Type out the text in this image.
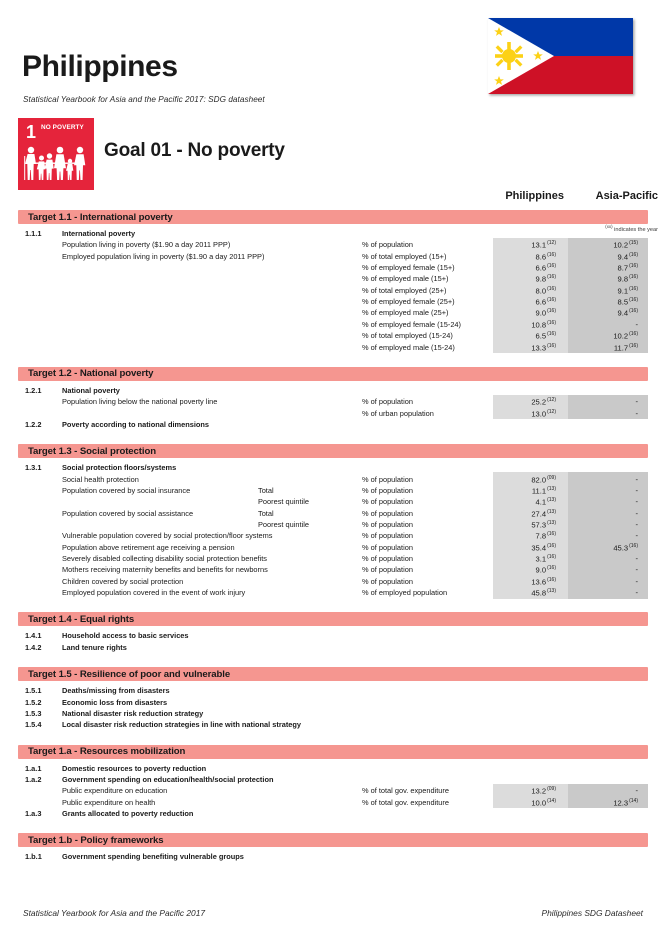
Philippines
Statistical Yearbook for Asia and the Pacific 2017: SDG datasheet
1 NO POVERTY
Goal 01 - No poverty
Philippines	Asia-Pacific
$^{(xx)}$ indicates the year
Target 1.1 - International poverty
1.1.1	International poverty
Population living in poverty ($1.90 a day 2011 PPP)	% of population	13.1$^{(12)}$	10.2$^{(15)}$
Employed population living in poverty ($1.90 a day 2011 PPP)	% of total employed (15+)	8.6$^{(16)}$	9.4$^{(16)}$
% of employed female (15+)	6.6$^{(16)}$	8.7$^{(16)}$
% of employed male (15+)	9.8$^{(16)}$	9.8$^{(16)}$
% of total employed (25+)	8.0$^{(16)}$	9.1$^{(16)}$
% of employed female (25+)	6.6$^{(16)}$	8.5$^{(16)}$
% of employed male (25+)	9.0$^{(16)}$	9.4$^{(16)}$
% of employed female (15-24)	10.8$^{(16)}$	-
% of total employed (15-24)	6.5$^{(16)}$	10.2$^{(16)}$
% of employed male (15-24)	13.3$^{(16)}$	11.7$^{(16)}$
Target 1.2 - National poverty
1.2.1	National poverty
Population living below the national poverty line	% of population	25.2$^{(12)}$	-
% of urban population	13.0$^{(12)}$	-
1.2.2	Poverty according to national dimensions
Target 1.3 - Social protection
1.3.1	Social protection floors/systems
Social health protection	% of population	82.0$^{(09)}$	-
Population covered by social insurance	Total	% of population	11.1$^{(13)}$	-
Poorest quintile	% of population	4.1$^{(13)}$	-
Population covered by social assistance	Total	% of population	27.4$^{(13)}$	-
Poorest quintile	% of population	57.3$^{(13)}$	-
Vulnerable population covered by social protection/floor systems	% of population	7.8$^{(16)}$	-
Population above retirement age receiving a pension	% of population	35.4$^{(16)}$	45.3$^{(16)}$
Severely disabled collecting disability social protection benefits	% of population	3.1$^{(16)}$	-
Mothers receiving maternity benefits and benefits for newborns	% of population	9.0$^{(16)}$	-
Children covered by social protection	% of population	13.6$^{(16)}$	-
Employed population covered in the event of work injury	% of employed population	45.8$^{(13)}$	-
Target 1.4 - Equal rights
1.4.1	Household access to basic services
1.4.2	Land tenure rights
Target 1.5 - Resilience of poor and vulnerable
1.5.1	Deaths/missing from disasters
1.5.2	Economic loss from disasters
1.5.3	National disaster risk reduction strategy
1.5.4	Local disaster risk reduction strategies in line with national strategy
Target 1.a - Resources mobilization
1.a.1	Domestic resources to poverty reduction
1.a.2	Government spending on education/health/social protection
Public expenditure on education	% of total gov. expenditure	13.2$^{(09)}$	-
Public expenditure on health	% of total gov. expenditure	10.0$^{(14)}$	12.3$^{(14)}$
1.a.3	Grants allocated to poverty reduction
Target 1.b - Policy frameworks
1.b.1	Government spending benefiting vulnerable groups
Statistical Yearbook for Asia and the Pacific 2017	Philippines SDG Datasheet
